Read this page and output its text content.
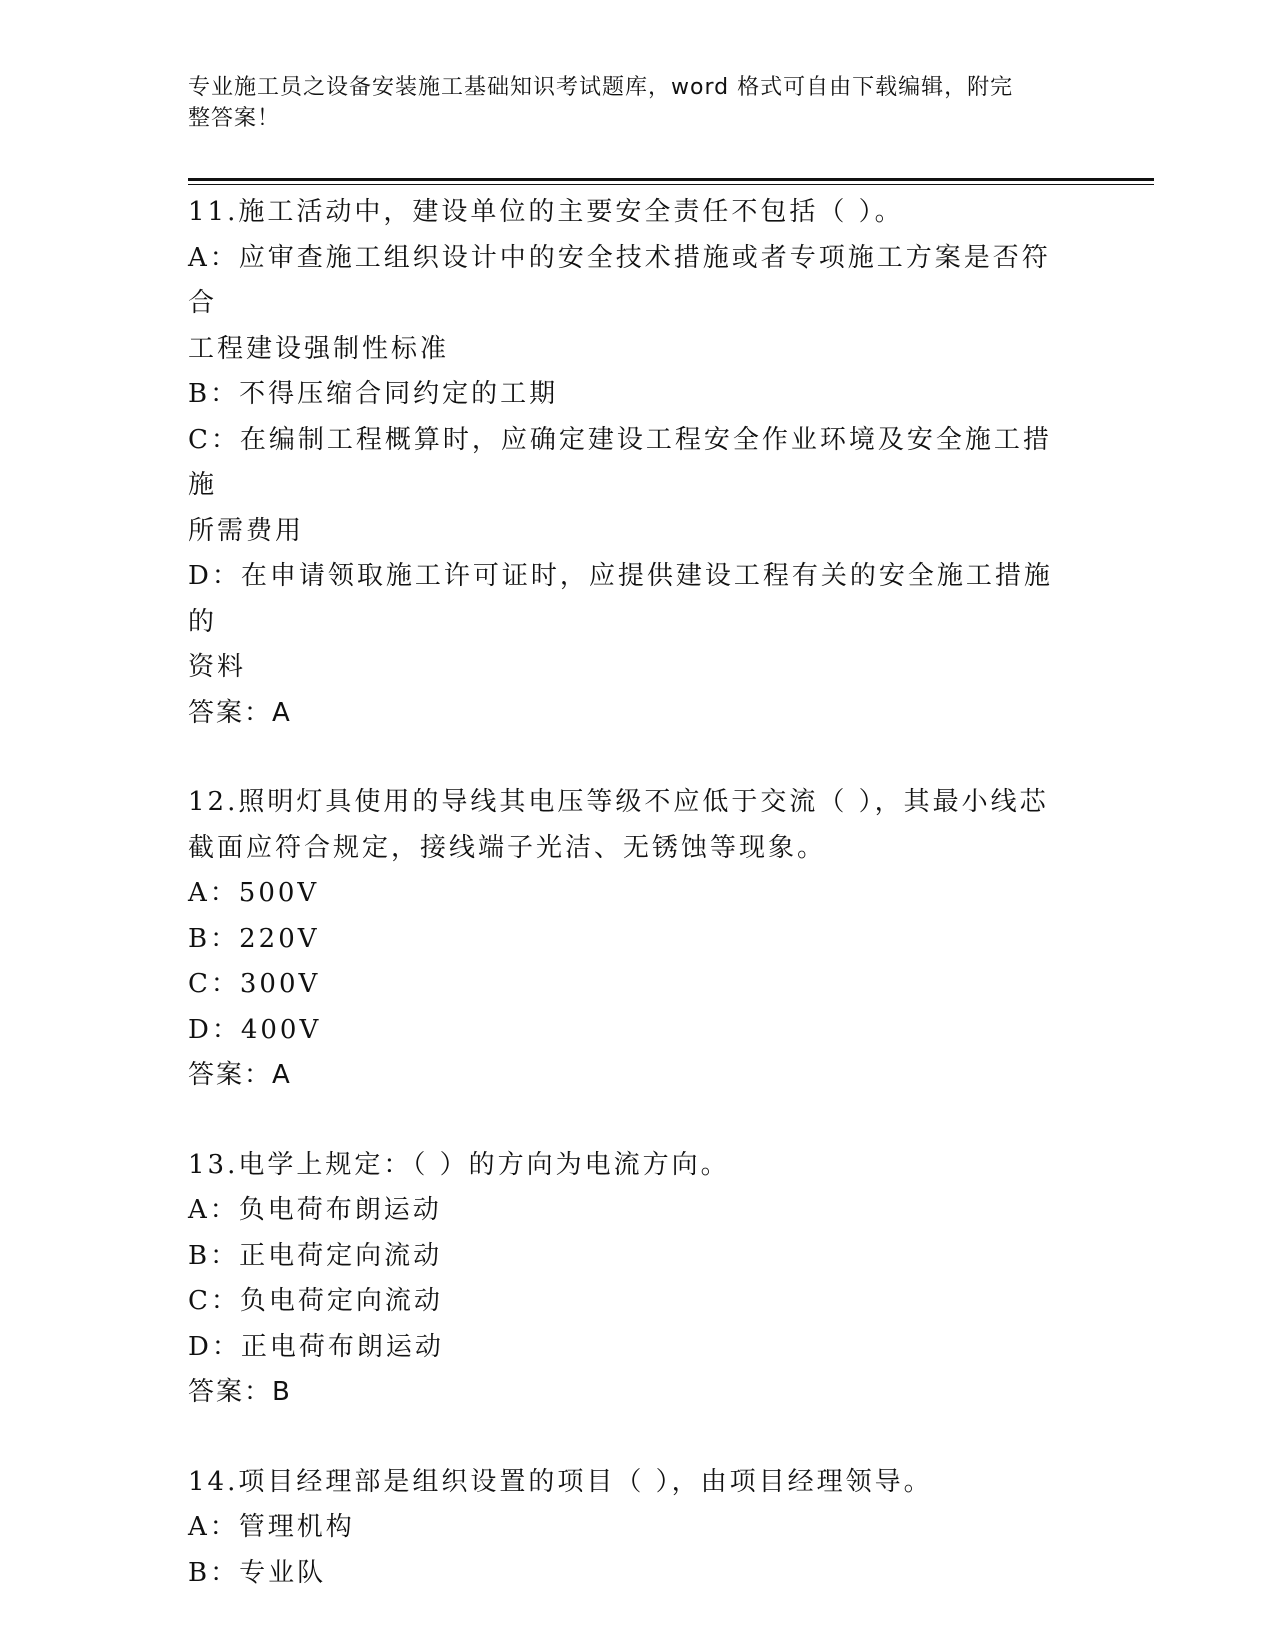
专业施工员之设备安装施工基础知识考试题库，word 格式可自由下载编辑，附完
整答案！
11.施工活动中，建设单位的主要安全责任不包括（ ）。
A：应审查施工组织设计中的安全技术措施或者专项施工方案是否符合
工程建设强制性标准
B：不得压缩合同约定的工期
C：在编制工程概算时，应确定建设工程安全作业环境及安全施工措施
所需费用
D：在申请领取施工许可证时，应提供建设工程有关的安全施工措施的
资料
答案：A
12.照明灯具使用的导线其电压等级不应低于交流（ ），其最小线芯
截面应符合规定，接线端子光洁、无锈蚀等现象。
A：500V
B：220V
C：300V
D：400V
答案：A
13.电学上规定：（ ）的方向为电流方向。
A：负电荷布朗运动
B：正电荷定向流动
C：负电荷定向流动
D：正电荷布朗运动
答案：B
14.项目经理部是组织设置的项目（ ），由项目经理领导。
A：管理机构
B：专业队
